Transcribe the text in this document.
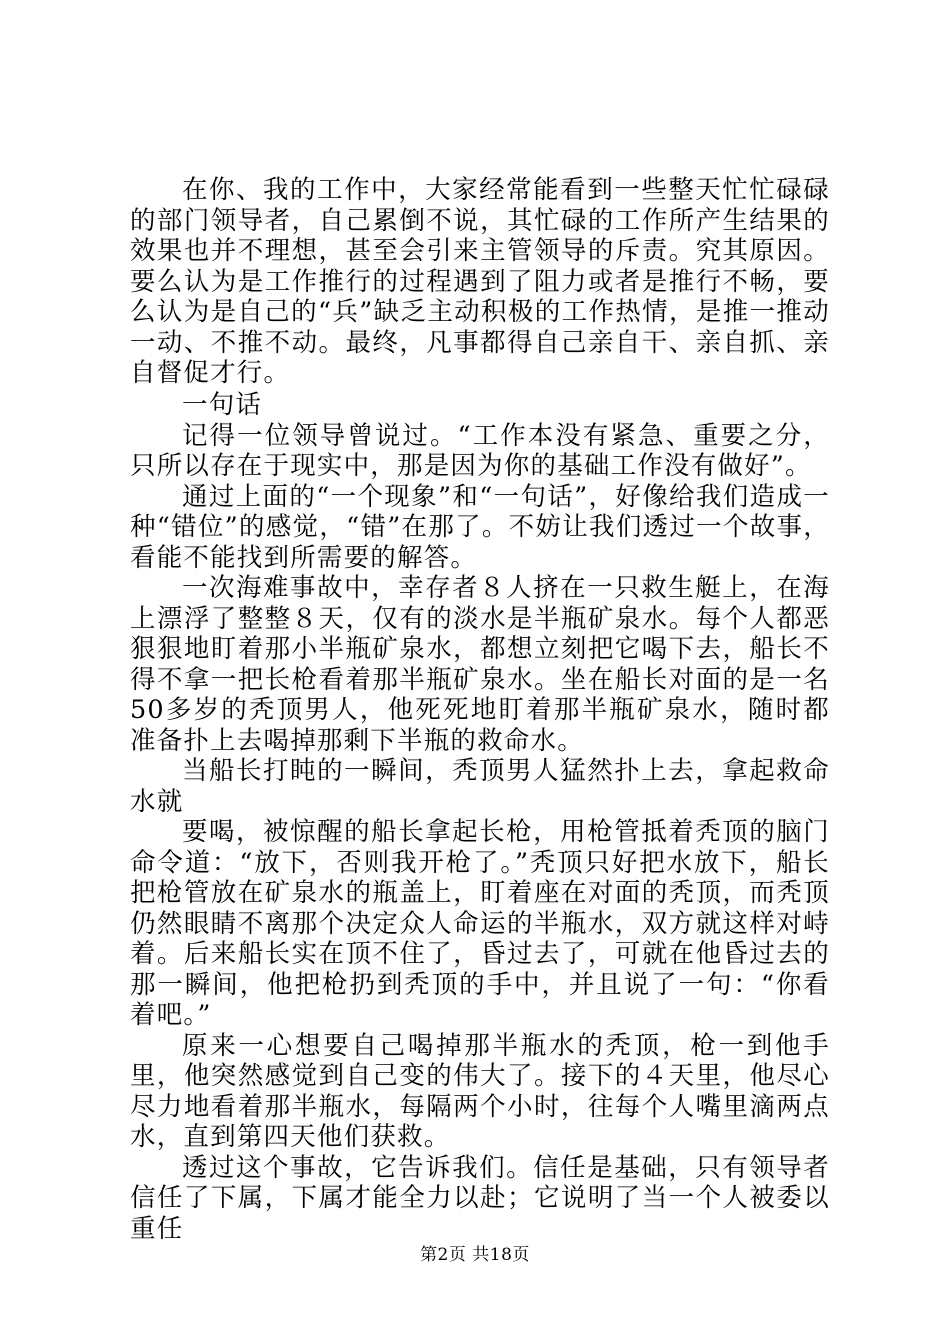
在你、我的工作中，大家经常能看到一些整天忙忙碌碌的部门领导者，自己累倒不说，其忙碌的工作所产生结果的效果也并不理想，甚至会引来主管领导的斥责。究其原因。要么认为是工作推行的过程遇到了阻力或者是推行不畅，要么认为是自己的“兵”缺乏主动积极的工作热情，是推一推动一动、不推不动。最终，凡事都得自己亲自干、亲自抓、亲自督促才行。

一句话

记得一位领导曾说过。“工作本没有紧急、重要之分，只所以存在于现实中，那是因为你的基础工作没有做好”。

通过上面的“一个现象”和“一句话”，好像给我们造成一种“错位”的感觉，“错”在那了。不妨让我们透过一个故事，看能不能找到所需要的解答。

一次海难事故中，幸存者８人挤在一只救生艇上，在海上漂浮了整整８天，仅有的淡水是半瓶矿泉水。每个人都恶狠狠地盯着那小半瓶矿泉水，都想立刻把它喝下去，船长不得不拿一把长枪看着那半瓶矿泉水。坐在船长对面的是一名50多岁的秃顶男人，他死死地盯着那半瓶矿泉水，随时都准备扑上去喝掉那剩下半瓶的救命水。

当船长打盹的一瞬间，秃顶男人猛然扑上去，拿起救命水就

要喝，被惊醒的船长拿起长枪，用枪管抵着秃顶的脑门命令道：“放下，否则我开枪了。”秃顶只好把水放下，船长把枪管放在矿泉水的瓶盖上，盯着座在对面的秃顶，而秃顶仍然眼睛不离那个决定众人命运的半瓶水，双方就这样对峙着。后来船长实在顶不住了，昏过去了，可就在他昏过去的那一瞬间，他把枪扔到秃顶的手中，并且说了一句：“你看着吧。”

原来一心想要自己喝掉那半瓶水的秃顶，枪一到他手里，他突然感觉到自己变的伟大了。接下的４天里，他尽心尽力地看着那半瓶水，每隔两个小时，往每个人嘴里滴两点水，直到第四天他们获救。

透过这个事故，它告诉我们。信任是基础，只有领导者信任了下属，下属才能全力以赴；它说明了当一个人被委以重任

第2页 共18页
